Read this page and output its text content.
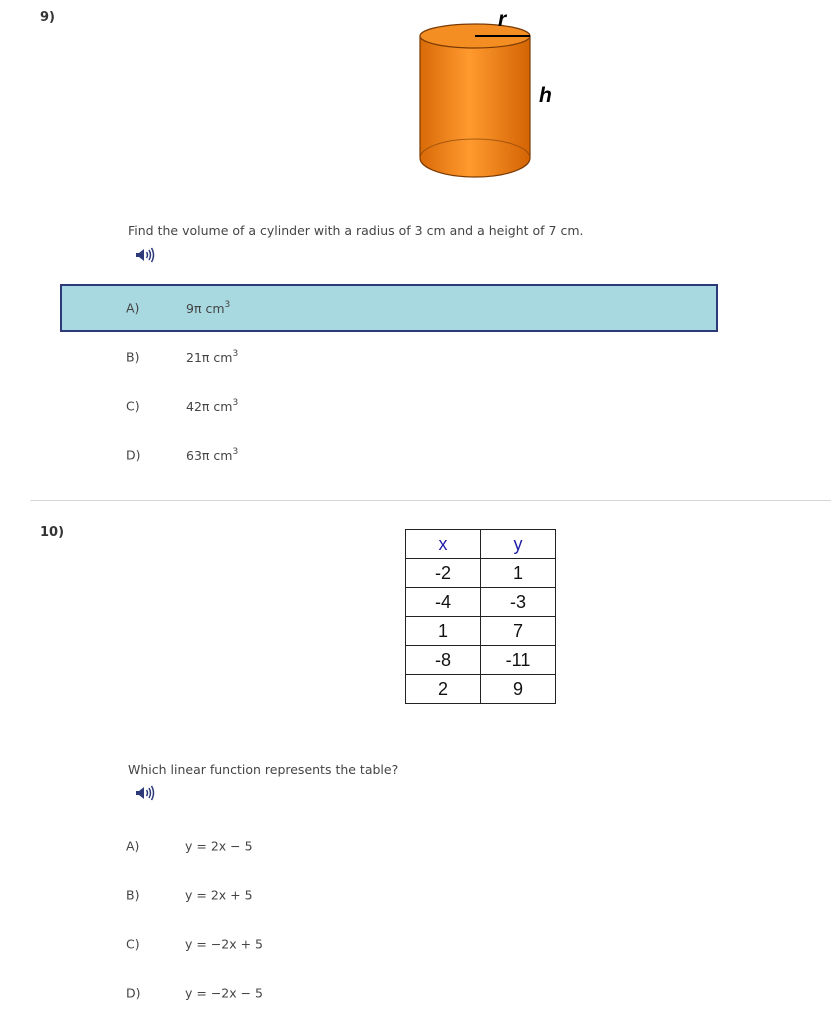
9)	r
h
Find the volume of a cylinder with a radius of 3 cm and a height of 7 cm.
A)	9π $cm^3$
B)	21π $cm^3$
C)	42π $cm^3$
D)	63π $cm^3$
10)
x	y
-2	1
-4	-3
1	7
-8	-11
2	9
Which linear function represents the table?
A)	y = 2x − 5
B)	y = 2x + 5
C)	y = −2x + 5
D)	y = −2x − 5
